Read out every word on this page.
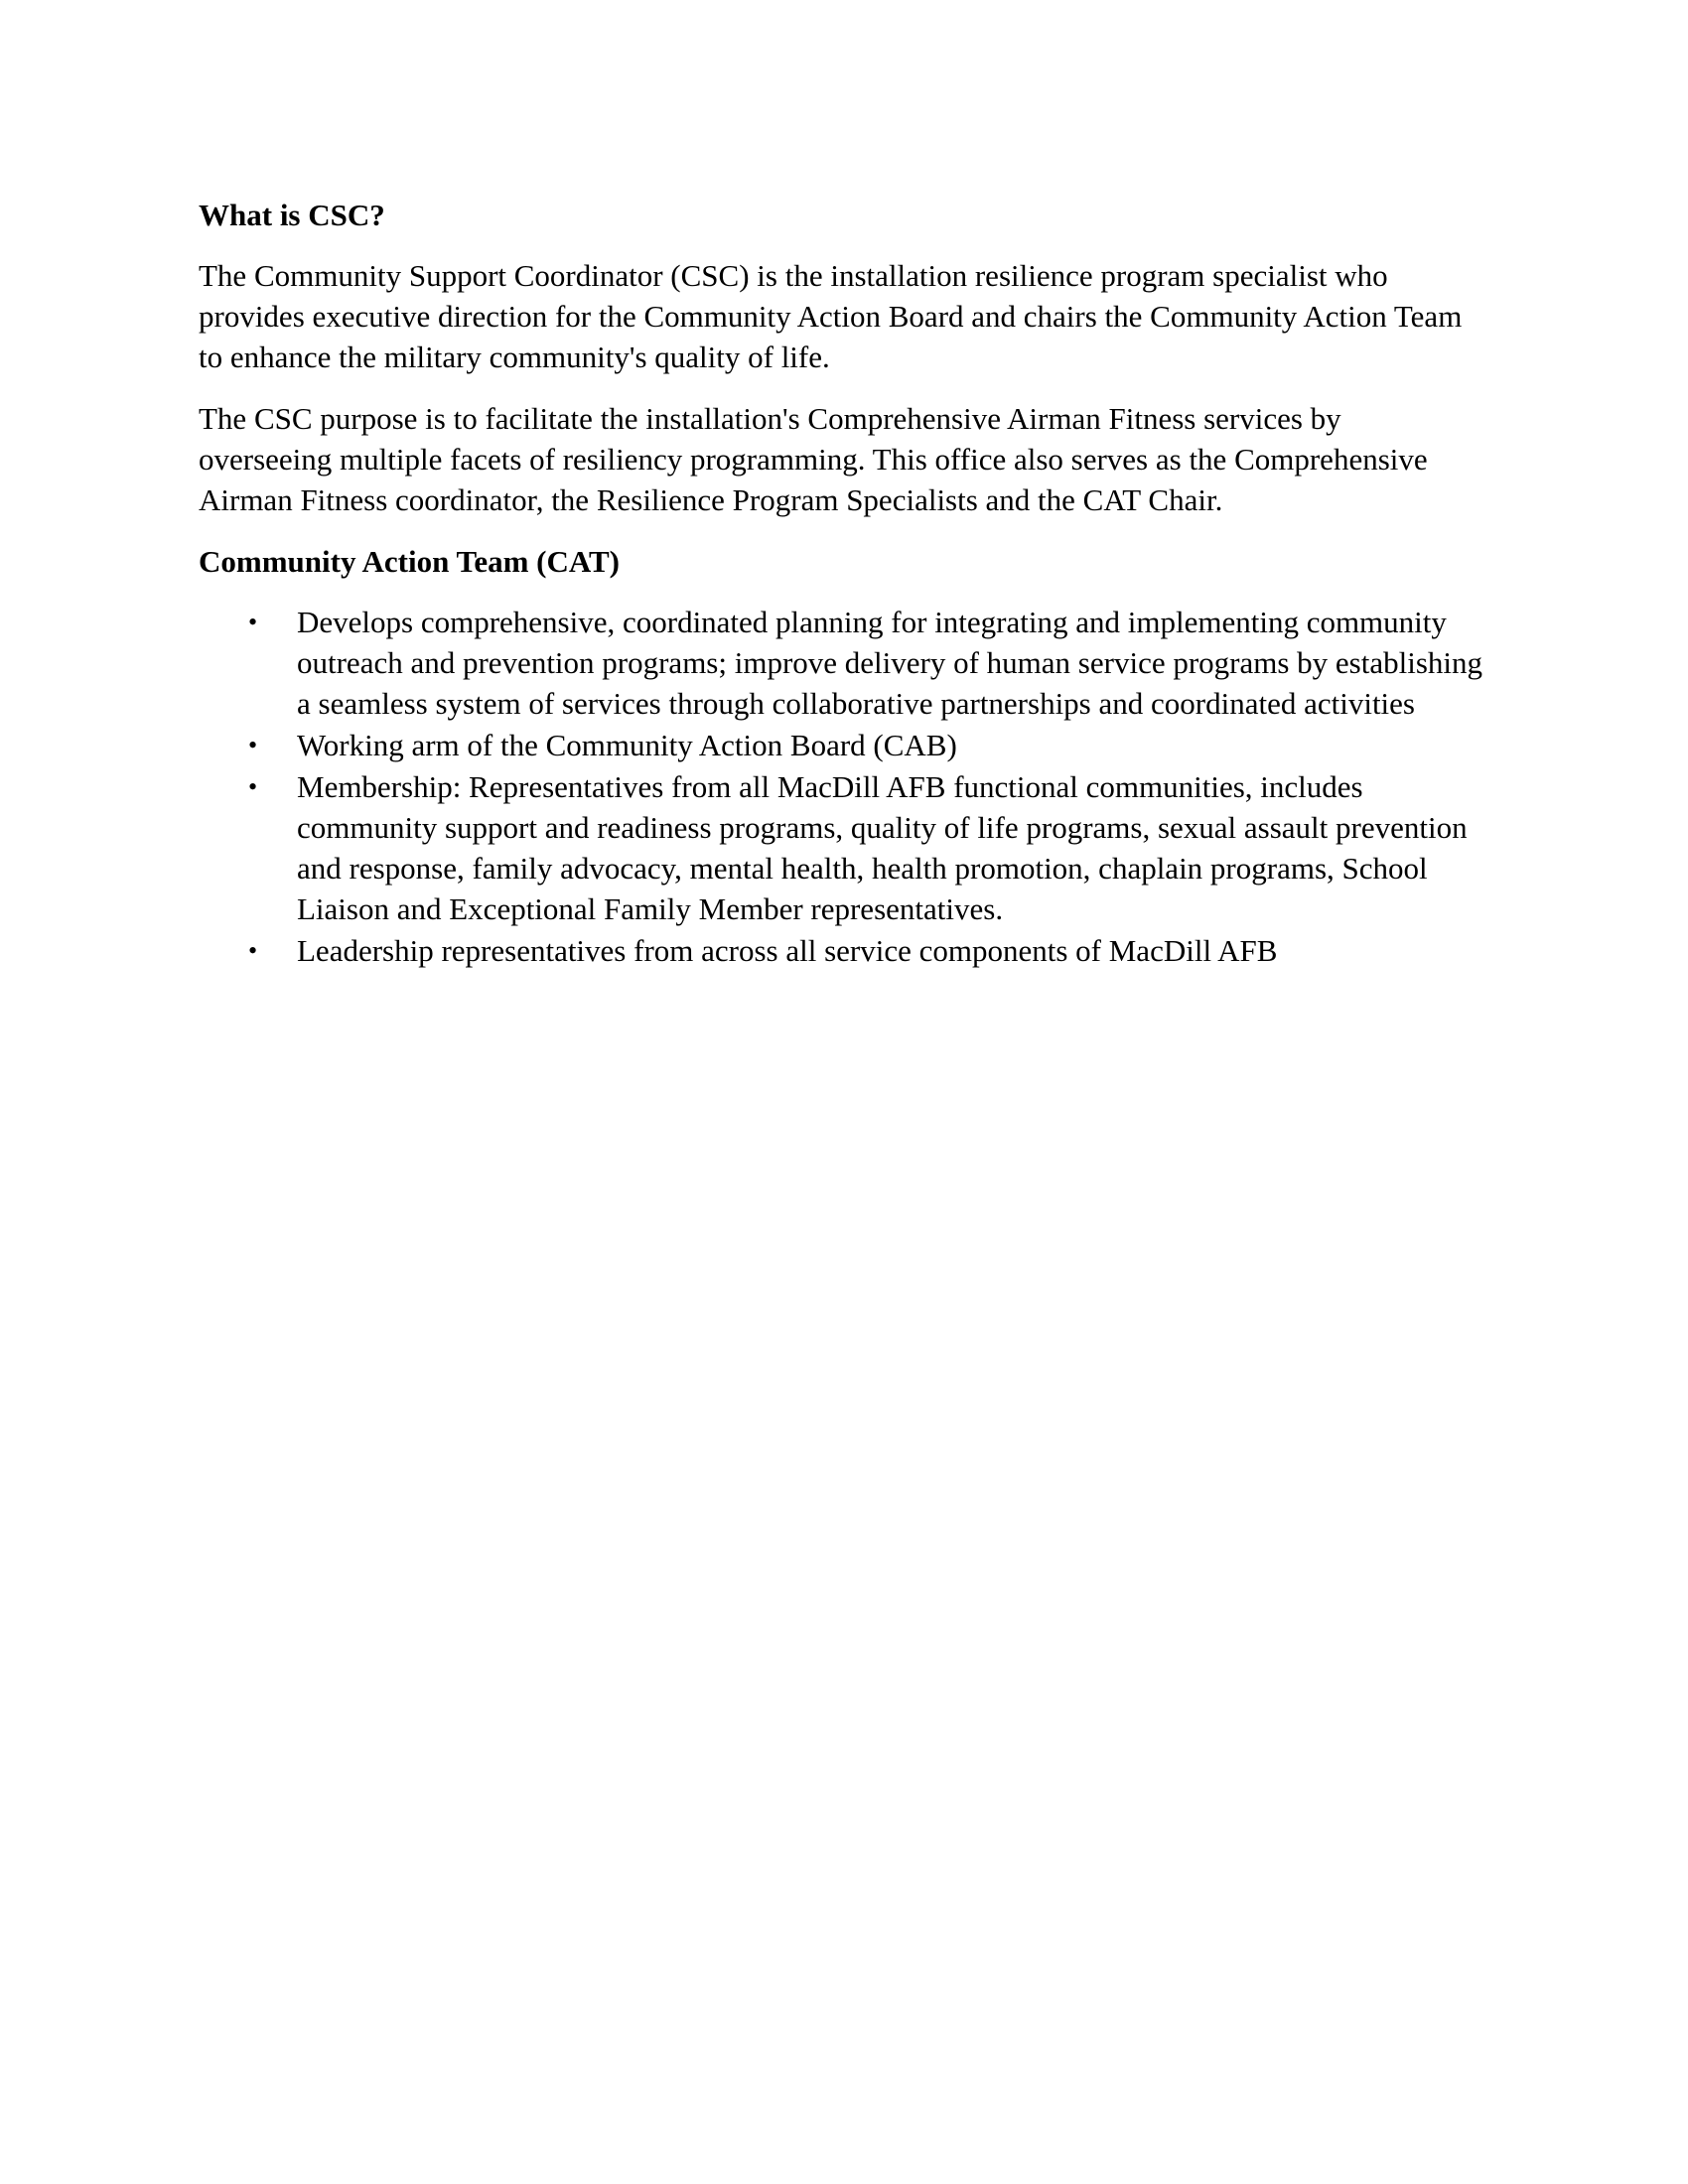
What is CSC?

The Community Support Coordinator (CSC) is the installation resilience program specialist who provides executive direction for the Community Action Board and chairs the Community Action Team to enhance the military community's quality of life.

The CSC purpose is to facilitate the installation's Comprehensive Airman Fitness services by overseeing multiple facets of resiliency programming. This office also serves as the Comprehensive Airman Fitness coordinator, the Resilience Program Specialists and the CAT Chair.

Community Action Team (CAT)
• Develops comprehensive, coordinated planning for integrating and implementing community outreach and prevention programs; improve delivery of human service programs by establishing a seamless system of services through collaborative partnerships and coordinated activities
• Working arm of the Community Action Board (CAB)
• Membership: Representatives from all MacDill AFB functional communities, includes community support and readiness programs, quality of life programs, sexual assault prevention and response, family advocacy, mental health, health promotion, chaplain programs, School Liaison and Exceptional Family Member representatives.
• Leadership representatives from across all service components of MacDill AFB
